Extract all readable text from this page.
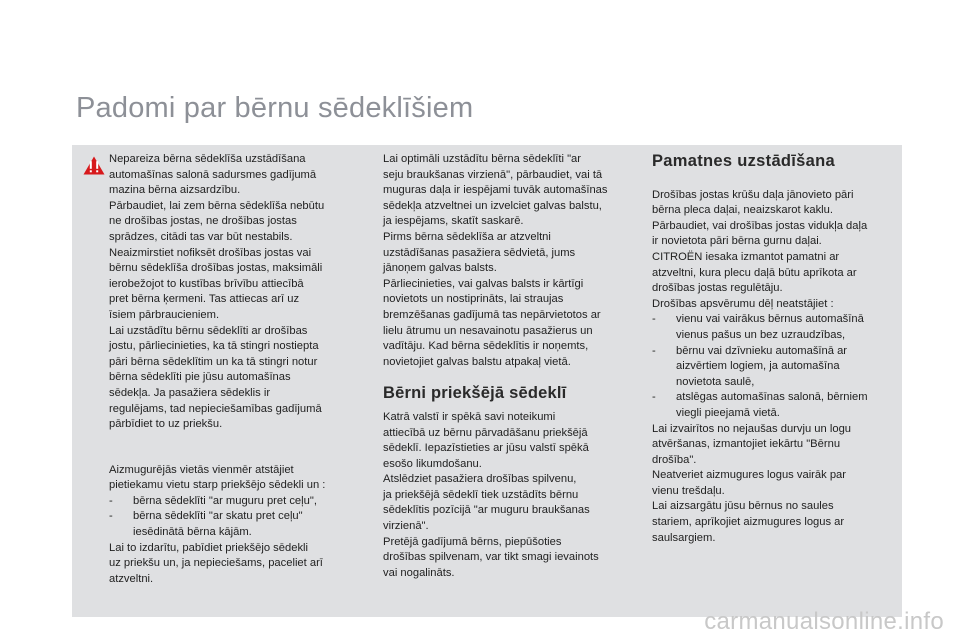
Padomi par bērnu sēdeklīšiem

Nepareiza bērna sēdeklīša uzstādīšana
automašīnas salonā sadursmes gadījumā
mazina bērna aizsardzību.
Pārbaudiet, lai zem bērna sēdeklīša nebūtu
ne drošības jostas, ne drošības jostas
sprādzes, citādi tas var būt nestabils.
Neaizmirstiet nofiksēt drošības jostas vai
bērnu sēdeklīša drošības jostas, maksimāli
ierobežojot to kustības brīvību attiecībā
pret bērna ķermeni. Tas attiecas arī uz
īsiem pārbraucieniem.
Lai uzstādītu bērnu sēdeklīti ar drošības
jostu, pārliecinieties, ka tā stingri nostiepta
pāri bērna sēdeklītim un ka tā stingri notur
bērna sēdeklīti pie jūsu automašīnas
sēdekļa. Ja pasažiera sēdeklis ir
regulējams, tad nepieciešamības gadījumā
pārbīdiet to uz priekšu.

Aizmugurējās vietās vienmēr atstājiet
pietiekamu vietu starp priekšējo sēdekli un :

- bērna sēdeklīti "ar muguru pret ceļu",
- bērna sēdeklīti "ar skatu pret ceļu"
iesēdinātā bērna kājām.

Lai to izdarītu, pabīdiet priekšējo sēdekli
uz priekšu un, ja nepieciešams, paceliet arī
atzveltni.

Lai optimāli uzstādītu bērna sēdeklīti "ar
seju braukšanas virzienā", pārbaudiet, vai tā
muguras daļa ir iespējami tuvāk automašīnas
sēdekļa atzveltnei un izvelciet galvas balstu,
ja iespējams, skatīt saskarē.
Pirms bērna sēdeklīša ar atzveltni
uzstādīšanas pasažiera sēdvietā, jums
jānoņem galvas balsts.
Pārliecinieties, vai galvas balsts ir kārtīgi
novietots un nostiprināts, lai straujas
bremzēšanas gadījumā tas nepārvietotos ar
lielu ātrumu un nesavainotu pasažierus un
vadītāju. Kad bērna sēdeklītis ir noņemts,
novietojiet galvas balstu atpakaļ vietā.

Bērni priekšējā sēdeklī

Katrā valstī ir spēkā savi noteikumi
attiecībā uz bērnu pārvadāšanu priekšējā
sēdeklī. Iepazīstieties ar jūsu valstī spēkā
esošo likumdošanu.
Atslēdziet pasažiera drošības spilvenu,
ja priekšējā sēdeklī tiek uzstādīts bērnu
sēdeklītis pozīcijā "ar muguru braukšanas
virzienā".
Pretējā gadījumā bērns, piepūšoties
drošības spilvenam, var tikt smagi ievainots
vai nogalināts.

Pamatnes uzstādīšana

Drošības jostas krūšu daļa jānovieto pāri
bērna pleca daļai, neaizskarot kaklu.
Pārbaudiet, vai drošības jostas vidukļa daļa
ir novietota pāri bērna gurnu daļai.
CITROËN iesaka izmantot pamatni ar
atzveltni, kura plecu daļā būtu aprīkota ar
drošības jostas regulētāju.
Drošības apsvērumu dēļ neatstājiet :

- vienu vai vairākus bērnus automašīnā
vienus pašus un bez uzraudzības,
- bērnu vai dzīvnieku automašīnā ar
aizvērtiem logiem, ja automašīna
novietota saulē,
- atslēgas automašīnas salonā, bērniem
viegli pieejamā vietā.

Lai izvairītos no nejaušas durvju un logu
atvēršanas, izmantojiet iekārtu "Bērnu
drošība".
Neatveriet aizmugures logus vairāk par
vienu trešdaļu.
Lai aizsargātu jūsu bērnus no saules
stariem, aprīkojiet aizmugures logus ar
saulsargiem.

carmanualsonline.info
